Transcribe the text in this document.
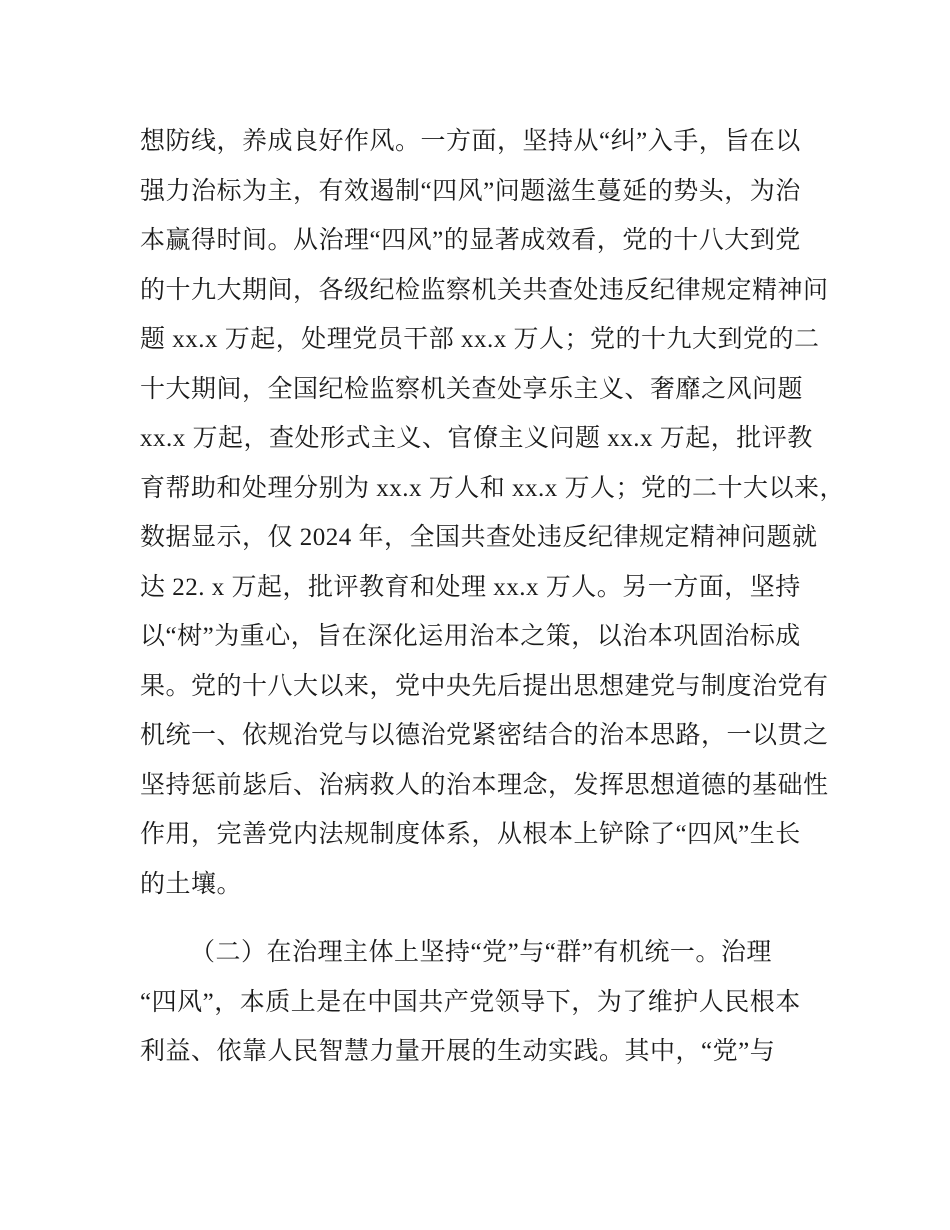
想防线，养成良好作风。一方面，坚持从“纠”入手，旨在以
强力治标为主，有效遏制“四风”问题滋生蔓延的势头，为治
本赢得时间。从治理“四风”的显著成效看，党的十八大到党
的十九大期间，各级纪检监察机关共查处违反纪律规定精神问
题 xx.x 万起，处理党员干部 xx.x 万人；党的十九大到党的二
十大期间，全国纪检监察机关查处享乐主义、奢靡之风问题
xx.x 万起，查处形式主义、官僚主义问题 xx.x 万起，批评教
育帮助和处理分别为 xx.x 万人和 xx.x 万人；党的二十大以来，
数据显示，仅 2024 年，全国共查处违反纪律规定精神问题就
达 22. x 万起，批评教育和处理 xx.x 万人。另一方面，坚持
以“树”为重心，旨在深化运用治本之策，以治本巩固治标成
果。党的十八大以来，党中央先后提出思想建党与制度治党有
机统一、依规治党与以德治党紧密结合的治本思路，一以贯之
坚持惩前毖后、治病救人的治本理念，发挥思想道德的基础性
作用，完善党内法规制度体系，从根本上铲除了“四风”生长
的土壤。
（二）在治理主体上坚持“党”与“群”有机统一。治理
“四风”，本质上是在中国共产党领导下，为了维护人民根本
利益、依靠人民智慧力量开展的生动实践。其中，“党”与
